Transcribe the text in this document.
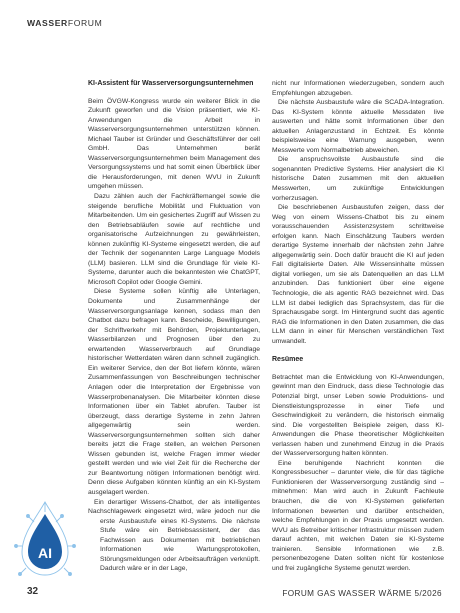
WASSERFORUM
KI-Assistent für Wasserversorgungsunternehmen

Beim ÖVGW-Kongress wurde ein weiterer Blick in die Zukunft geworfen und die Vision präsentiert, wie KI-Anwendungen die Arbeit in Wasserversorgungsunternehmen unterstützen können. Michael Tauber ist Gründer und Geschäftsführer der cell GmbH. Das Unternehmen berät Wasserversorgungsunternehmen beim Management des Versorgungssystems und hat somit einen Überblick über die Herausforderungen, mit denen WVU in Zukunft umgehen müssen.

Dazu zählen auch der Fachkräftemangel sowie die steigende berufliche Mobilität und Fluktuation von Mitarbeitenden. Um ein gesichertes Zugriff auf Wissen zu den Betriebsabläufen sowie auf rechtliche und organisatorische Aufzeichnungen zu gewährleisten, können zukünftig KI-Systeme eingesetzt werden, die auf der Technik der sogenannten Large Language Models (LLM) basieren. LLM sind die Grundlage für viele KI-Systeme, darunter auch die bekanntesten wie ChatGPT, Microsoft Copilot oder Google Gemini.

Diese Systeme sollen künftig alle Unterlagen, Dokumente und Zusammenhänge der Wasserversorgungsanlage kennen, sodass man den Chatbot dazu befragen kann. Bescheide, Bewilligungen, der Schriftverkehr mit Behörden, Projektunterlagen, Wasserbilanzen und Prognosen über den zu erwartenden Wasserverbrauch auf Grundlage historischer Wetterdaten wären dann schnell zugänglich. Ein weiterer Service, den der Bot liefern könnte, wären Zusammenfassungen von Beschreibungen technischer Anlagen oder die Interpretation der Ergebnisse von Wasserprobenanalysen. Die Mitarbeiter könnten diese Informationen über ein Tablet abrufen. Tauber ist überzeugt, dass derartige Systeme in zehn Jahren allgegenwärtig sein werden. Wasserversorgungsunternehmen sollten sich daher bereits jetzt die Frage stellen, an welchen Personen Wissen gebunden ist, welche Fragen immer wieder gestellt werden und wie viel Zeit für die Recherche der zur Beantwortung nötigen Informationen benötigt wird. Denn diese Aufgaben könnten künftig an ein KI-System ausgelagert werden.

Ein derartiger Wissens-Chatbot, der als intelligentes Nachschlagewerk eingesetzt wird, wäre jedoch nur die erste Ausbaustufe eines KI-Systems. Die nächste Stufe wäre ein Betriebsassistent, der das Fachwissen aus Dokumenten mit betrieblichen Informationen wie Wartungsprotokollen, Störungsmeldungen oder Arbeitsaufträgen verknüpft. Dadurch wäre er in der Lage,

nicht nur Informationen wiederzugeben, sondern auch Empfehlungen abzugeben.

Die nächste Ausbaustufe wäre die SCADA-Integration. Das KI-System könnte aktuelle Messdaten live auswerten und hätte somit Informationen über den aktuellen Anlagenzustand in Echtzeit. Es könnte beispielsweise eine Warnung ausgeben, wenn Messwerte vom Normalbetrieb abweichen.

Die anspruchsvollste Ausbaustufe sind die sogenannten Predictive Systems. Hier analysiert die KI historische Daten zusammen mit den aktuellen Messwerten, um zukünftige Entwicklungen vorherzusagen.

Die beschriebenen Ausbaustufen zeigen, dass der Weg von einem Wissens-Chatbot bis zu einem vorausschauenden Assistenzsystem schrittweise erfolgen kann. Nach Einschätzung Taubers werden derartige Systeme innerhalb der nächsten zehn Jahre allgegenwärtig sein. Doch dafür braucht die KI auf jeden Fall digitalisierte Daten. Alle Wissensinhalte müssen digital vorliegen, um sie als Datenquellen an das LLM anzubinden. Das funktioniert über eine eigene Technologie, die als agentic RAG bezeichnet wird. Das LLM ist dabei lediglich das Sprachsystem, das für die Sprachausgabe sorgt. Im Hintergrund sucht das agentic RAG die Informationen in den Daten zusammen, die das LLM dann in einer für Menschen verständlichen Text umwandelt.

Resümee

Betrachtet man die Entwicklung von KI-Anwendungen, gewinnt man den Eindruck, dass diese Technologie das Potenzial birgt, unser Leben sowie Produktions- und Dienstleistungsprozesse in einer Tiefe und Geschwindigkeit zu verändern, die historisch einmalig sind. Die vorgestellten Beispiele zeigen, dass KI-Anwendungen die Phase theoretischer Möglichkeiten verlassen haben und zunehmend Einzug in die Praxis der Wasserversorgung halten könnten.

Eine beruhigende Nachricht konnten die Kongressbesucher – darunter viele, die für das tägliche Funktionieren der Wasserversorgung zuständig sind – mitnehmen: Man wird auch in Zukunft Fachleute brauchen, die die von KI-Systemen gelieferten Informationen bewerten und darüber entscheiden, welche Empfehlungen in der Praxis umgesetzt werden. WVU als Betreiber kritischer Infrastruktur müssen zudem darauf achten, mit welchen Daten sie KI-Systeme trainieren. Sensible Informationen wie z.B. personenbezogene Daten sollten nicht für kostenlose und frei zugängliche Systeme genutzt werden.

AI
32	FORUM GAS WASSER WÄRME 5/2026
